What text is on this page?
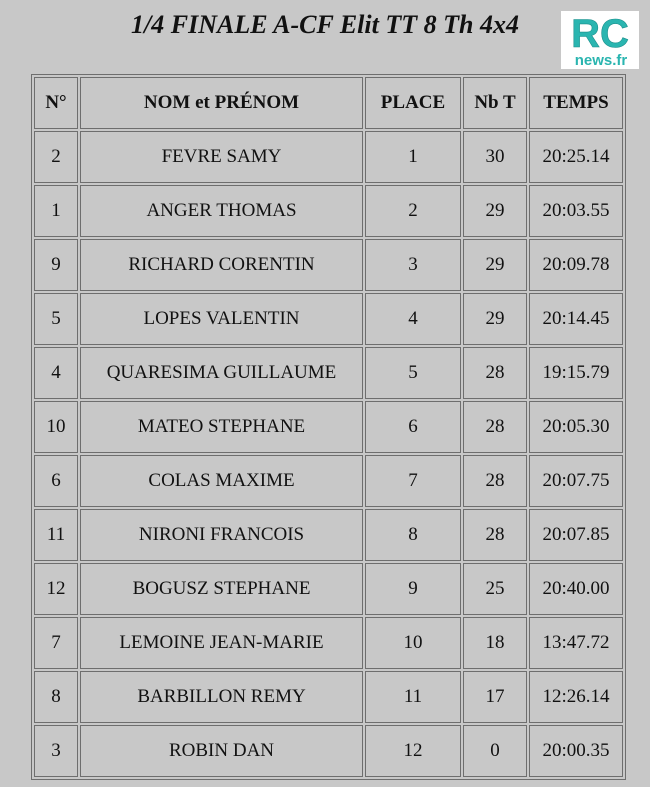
1/4 FINALE A-CF Elit TT 8 Th 4x4	RC
news.fr
N°	NOM et PRÉNOM	PLACE	Nb T	TEMPS
2	FEVRE SAMY	1	30	20:25.14
1	ANGER THOMAS	2	29	20:03.55
9	RICHARD CORENTIN	3	29	20:09.78
5	LOPES VALENTIN	4	29	20:14.45
4	QUARESIMA GUILLAUME	5	28	19:15.79
10	MATEO STEPHANE	6	28	20:05.30
6	COLAS MAXIME	7	28	20:07.75
11	NIRONI FRANCOIS	8	28	20:07.85
12	BOGUSZ STEPHANE	9	25	20:40.00
7	LEMOINE JEAN-MARIE	10	18	13:47.72
8	BARBILLON REMY	11	17	12:26.14
3	ROBIN DAN	12	0	20:00.35
